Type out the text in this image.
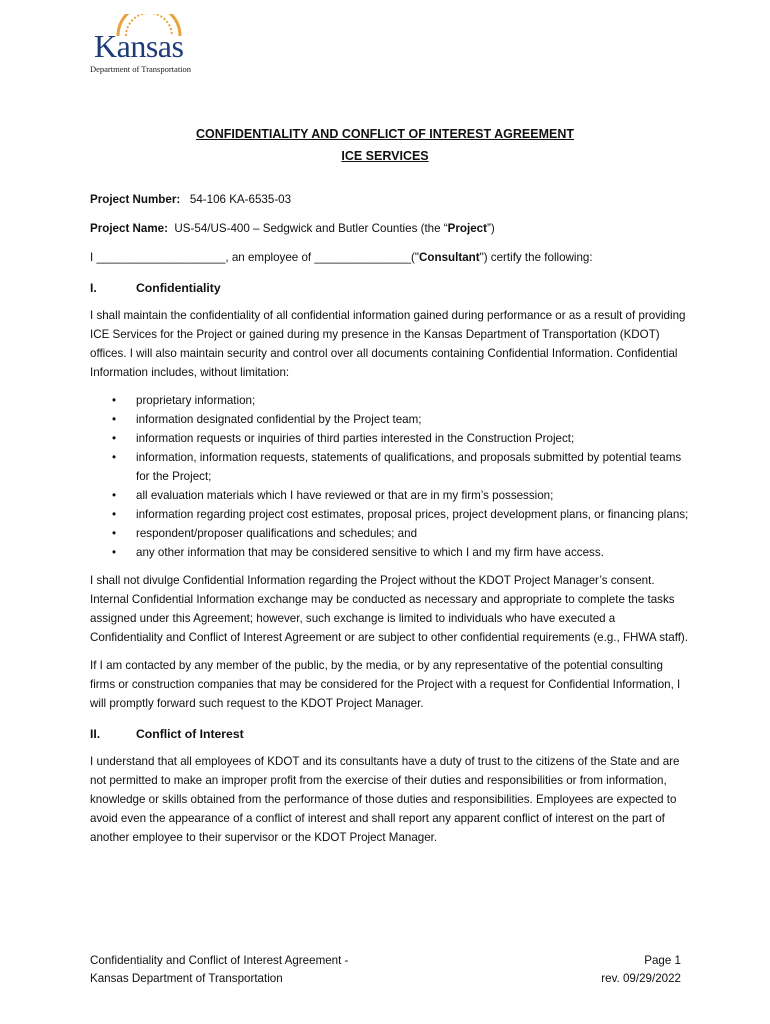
Kansas
Department of Transportation
CONFIDENTIALITY AND CONFLICT OF INTEREST AGREEMENT
ICE SERVICES
Project Number: 54-106 KA-6535-03
Project Name: US-54/US-400 – Sedgwick and Butler Counties (the “Project”)
I ____________________, an employee of _______________("Consultant") certify the following:
I.	Confidentiality

I shall maintain the confidentiality of all confidential information gained during performance or as a result of providing ICE Services for the Project or gained during my presence in the Kansas Department of Transportation (KDOT) offices. I will also maintain security and control over all documents containing Confidential Information. Confidential Information includes, without limitation:

• proprietary information;
• information designated confidential by the Project team;
• information requests or inquiries of third parties interested in the Construction Project;
• information, information requests, statements of qualifications, and proposals submitted by potential teams for the Project;
• all evaluation materials which I have reviewed or that are in my firm’s possession;
• information regarding project cost estimates, proposal prices, project development plans, or financing plans;
• respondent/proposer qualifications and schedules; and
• any other information that may be considered sensitive to which I and my firm have access.

I shall not divulge Confidential Information regarding the Project without the KDOT Project Manager’s consent. Internal Confidential Information exchange may be conducted as necessary and appropriate to complete the tasks assigned under this Agreement; however, such exchange is limited to individuals who have executed a Confidentiality and Conflict of Interest Agreement or are subject to other confidential requirements (e.g., FHWA staff).

If I am contacted by any member of the public, by the media, or by any representative of the potential consulting firms or construction companies that may be considered for the Project with a request for Confidential Information, I will promptly forward such request to the KDOT Project Manager.

II.	Conflict of Interest

I understand that all employees of KDOT and its consultants have a duty of trust to the citizens of the State and are not permitted to make an improper profit from the exercise of their duties and responsibilities or from information, knowledge or skills obtained from the performance of those duties and responsibilities. Employees are expected to avoid even the appearance of a conflict of interest and shall report any apparent conflict of interest on the part of another employee to their supervisor or the KDOT Project Manager.

Confidentiality and Conflict of Interest Agreement -
Kansas Department of Transportation
Page 1
rev. 09/29/2022
